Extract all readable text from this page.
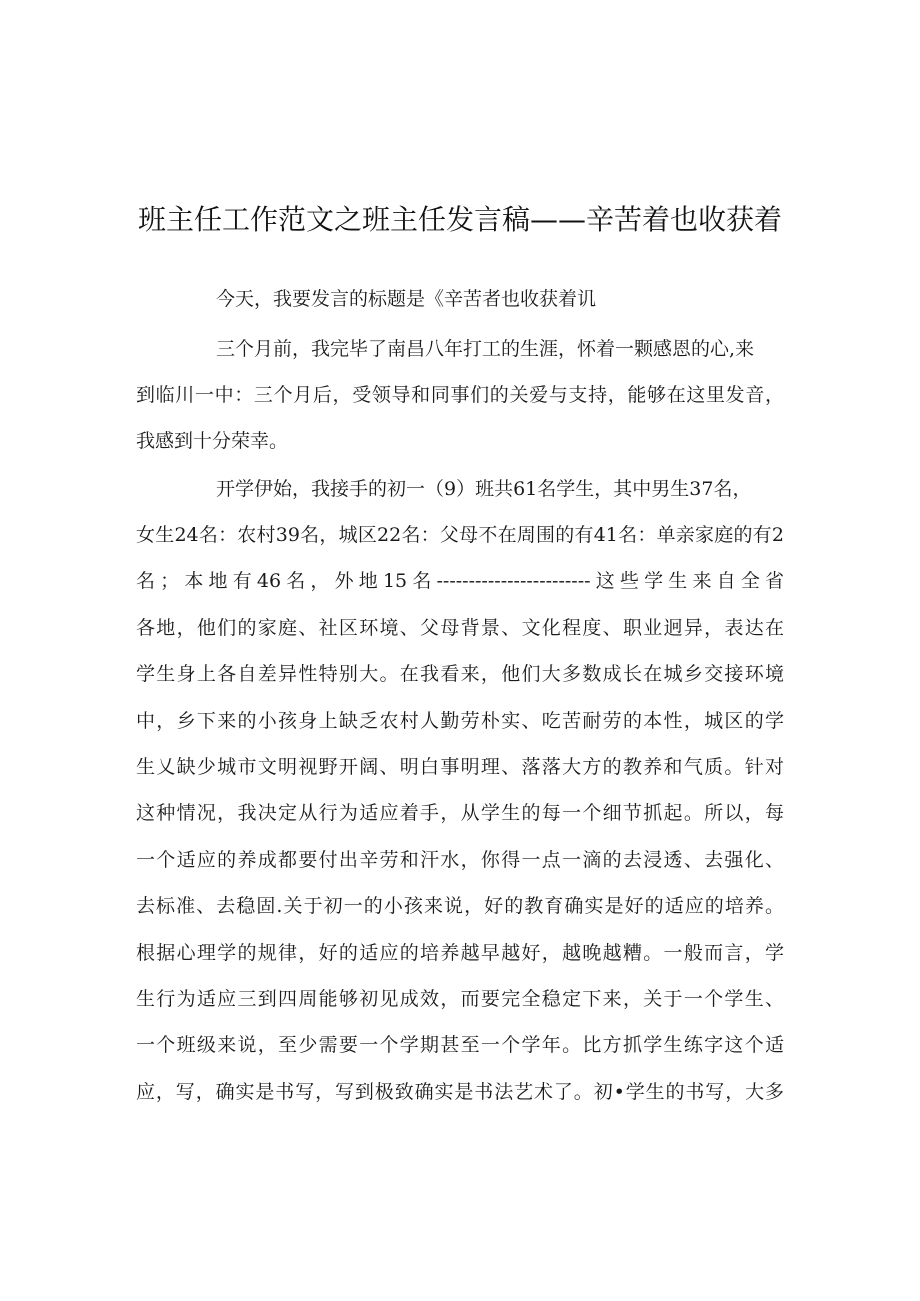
班主任工作范文之班主任发言稿——辛苦着也收获着

今天，我要发言的标题是《辛苦者也收获着讥

三个月前，我完毕了南昌八年打工的生涯，怀着一颗感恩的心,来

到临川一中：三个月后，受领导和同事们的关爱与支持，能够在这里发音，

我感到十分荣幸。

开学伊始，我接手的初一（9）班共61名学生，其中男生37名，

女生24名：农村39名，城区22名：父母不在周围的有41名：单亲家庭的有2

名；本地有46名，外地15名------------------------这些学生来自全省

各地，他们的家庭、社区环境、父母背景、文化程度、职业迥异，表达在

学生身上各自差异性特别大。在我看来，他们大多数成长在城乡交接环境

中，乡下来的小孩身上缺乏农村人勤劳朴实、吃苦耐劳的本性，城区的学

生乂缺少城市文明视野开阔、明白事明理、落落大方的教养和气质。针对

这种情况，我决定从行为适应着手，从学生的每一个细节抓起。所以，每

一个适应的养成都要付出辛劳和汗水，你得一点一滴的去浸透、去强化、

去标准、去稳固.关于初一的小孩来说，好的教育确实是好的适应的培养。

根据心理学的规律，好的适应的培养越早越好，越晚越糟。一般而言，学

生行为适应三到四周能够初见成效，而要完全稳定下来，关于一个学生、

一个班级来说，至少需要一个学期甚至一个学年。比方抓学生练字这个适

应，写，确实是书写，写到极致确实是书法艺术了。初•学生的书写，大多
